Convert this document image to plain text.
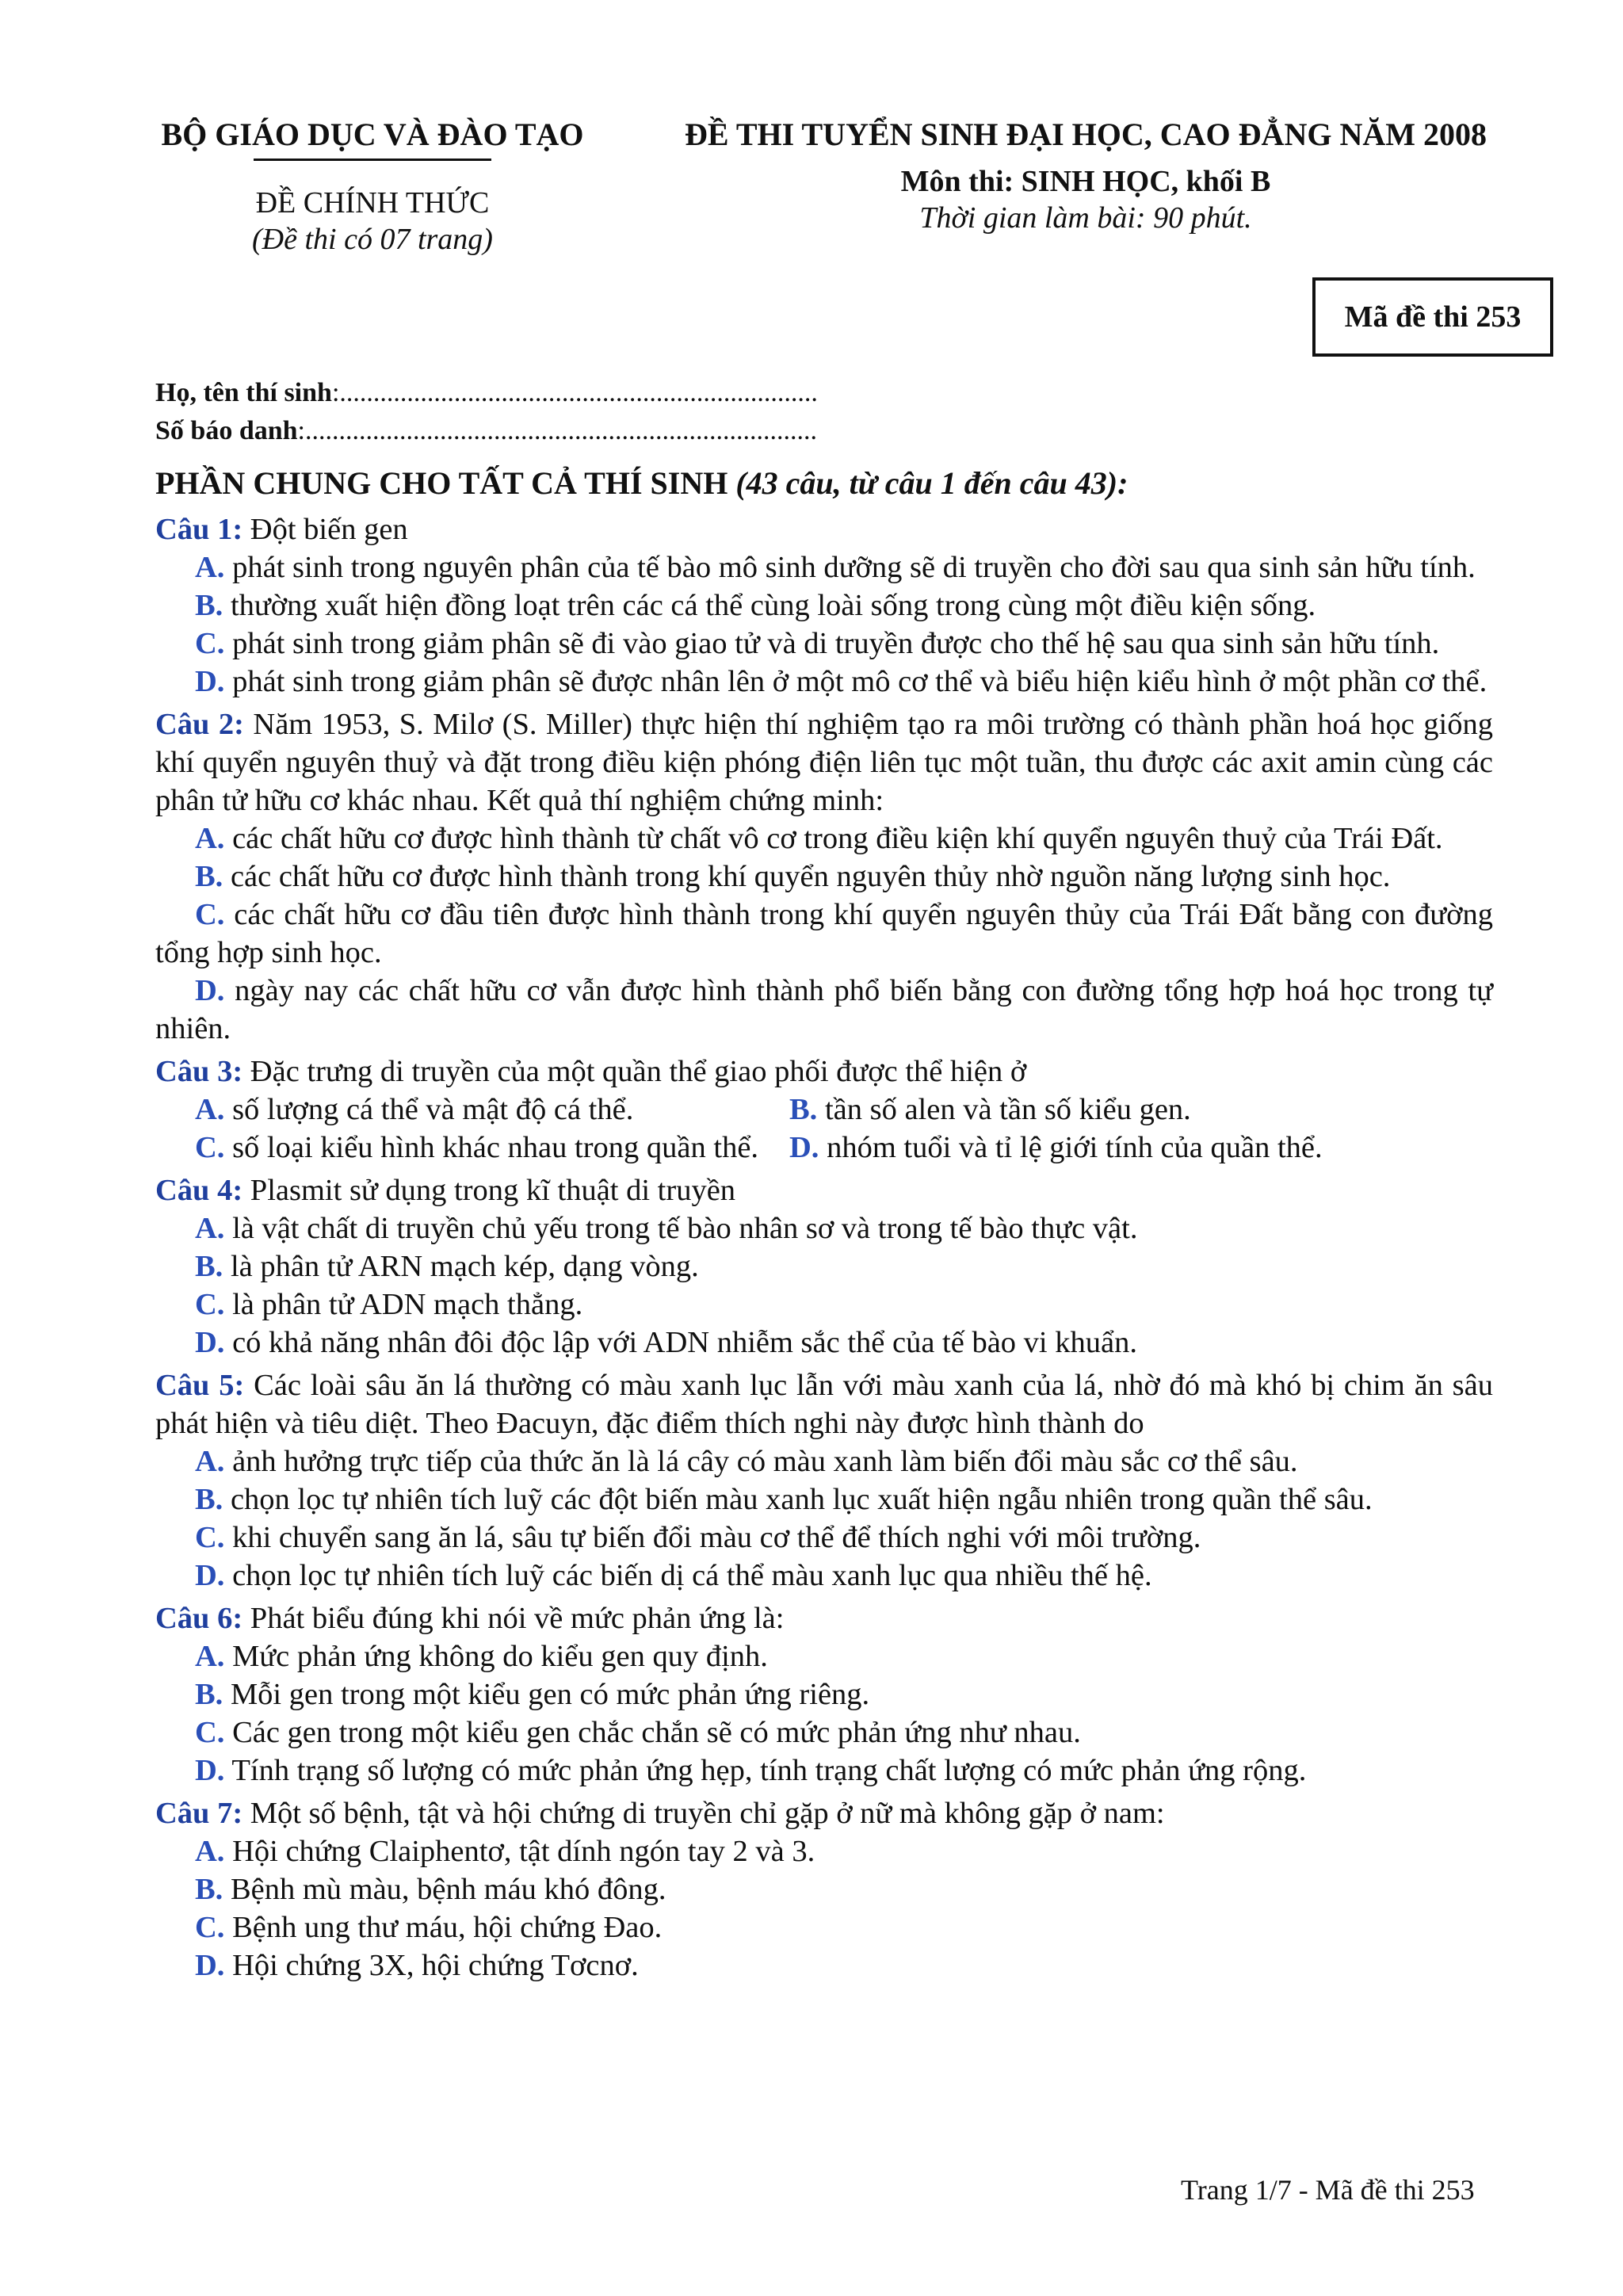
BỘ GIÁO DỤC VÀ ĐÀO TẠO
ĐỀ CHÍNH THỨC
(Đề thi có 07 trang)
ĐỀ THI TUYỂN SINH ĐẠI HỌC, CAO ĐẲNG NĂM 2008
Môn thi: SINH HỌC, khối B
Thời gian làm bài: 90 phút.
Mã đề thi 253
Họ, tên thí sinh:.......................................................................
Số báo danh:............................................................................
PHẦN CHUNG CHO TẤT CẢ THÍ SINH (43 câu, từ câu 1 đến câu 43):
Câu 1: Đột biến gen
A. phát sinh trong nguyên phân của tế bào mô sinh dưỡng sẽ di truyền cho đời sau qua sinh sản hữu tính.
B. thường xuất hiện đồng loạt trên các cá thể cùng loài sống trong cùng một điều kiện sống.
C. phát sinh trong giảm phân sẽ đi vào giao tử và di truyền được cho thế hệ sau qua sinh sản hữu tính.
D. phát sinh trong giảm phân sẽ được nhân lên ở một mô cơ thể và biểu hiện kiểu hình ở một phần cơ thể.
Câu 2: Năm 1953, S. Milơ (S. Miller) thực hiện thí nghiệm tạo ra môi trường có thành phần hoá học giống khí quyển nguyên thuỷ và đặt trong điều kiện phóng điện liên tục một tuần, thu được các axit amin cùng các phân tử hữu cơ khác nhau. Kết quả thí nghiệm chứng minh:
A. các chất hữu cơ được hình thành từ chất vô cơ trong điều kiện khí quyển nguyên thuỷ của Trái Đất.
B. các chất hữu cơ được hình thành trong khí quyển nguyên thủy nhờ nguồn năng lượng sinh học.
C. các chất hữu cơ đầu tiên được hình thành trong khí quyển nguyên thủy của Trái Đất bằng con đường tổng hợp sinh học.
D. ngày nay các chất hữu cơ vẫn được hình thành phổ biến bằng con đường tổng hợp hoá học trong tự nhiên.
Câu 3: Đặc trưng di truyền của một quần thể giao phối được thể hiện ở
A. số lượng cá thể và mật độ cá thể.	B. tần số alen và tần số kiểu gen.
C. số loại kiểu hình khác nhau trong quần thể.	D. nhóm tuổi và tỉ lệ giới tính của quần thể.
Câu 4: Plasmit sử dụng trong kĩ thuật di truyền
A. là vật chất di truyền chủ yếu trong tế bào nhân sơ và trong tế bào thực vật.
B. là phân tử ARN mạch kép, dạng vòng.
C. là phân tử ADN mạch thẳng.
D. có khả năng nhân đôi độc lập với ADN nhiễm sắc thể của tế bào vi khuẩn.
Câu 5: Các loài sâu ăn lá thường có màu xanh lục lẫn với màu xanh của lá, nhờ đó mà khó bị chim ăn sâu phát hiện và tiêu diệt. Theo Đacuyn, đặc điểm thích nghi này được hình thành do
A. ảnh hưởng trực tiếp của thức ăn là lá cây có màu xanh làm biến đổi màu sắc cơ thể sâu.
B. chọn lọc tự nhiên tích luỹ các đột biến màu xanh lục xuất hiện ngẫu nhiên trong quần thể sâu.
C. khi chuyển sang ăn lá, sâu tự biến đổi màu cơ thể để thích nghi với môi trường.
D. chọn lọc tự nhiên tích luỹ các biến dị cá thể màu xanh lục qua nhiều thế hệ.
Câu 6: Phát biểu đúng khi nói về mức phản ứng là:
A. Mức phản ứng không do kiểu gen quy định.
B. Mỗi gen trong một kiểu gen có mức phản ứng riêng.
C. Các gen trong một kiểu gen chắc chắn sẽ có mức phản ứng như nhau.
D. Tính trạng số lượng có mức phản ứng hẹp, tính trạng chất lượng có mức phản ứng rộng.
Câu 7: Một số bệnh, tật và hội chứng di truyền chỉ gặp ở nữ mà không gặp ở nam:
A. Hội chứng Claiphentơ, tật dính ngón tay 2 và 3.
B. Bệnh mù màu, bệnh máu khó đông.
C. Bệnh ung thư máu, hội chứng Đao.
D. Hội chứng 3X, hội chứng Tơcnơ.
Trang 1/7 - Mã đề thi 253
